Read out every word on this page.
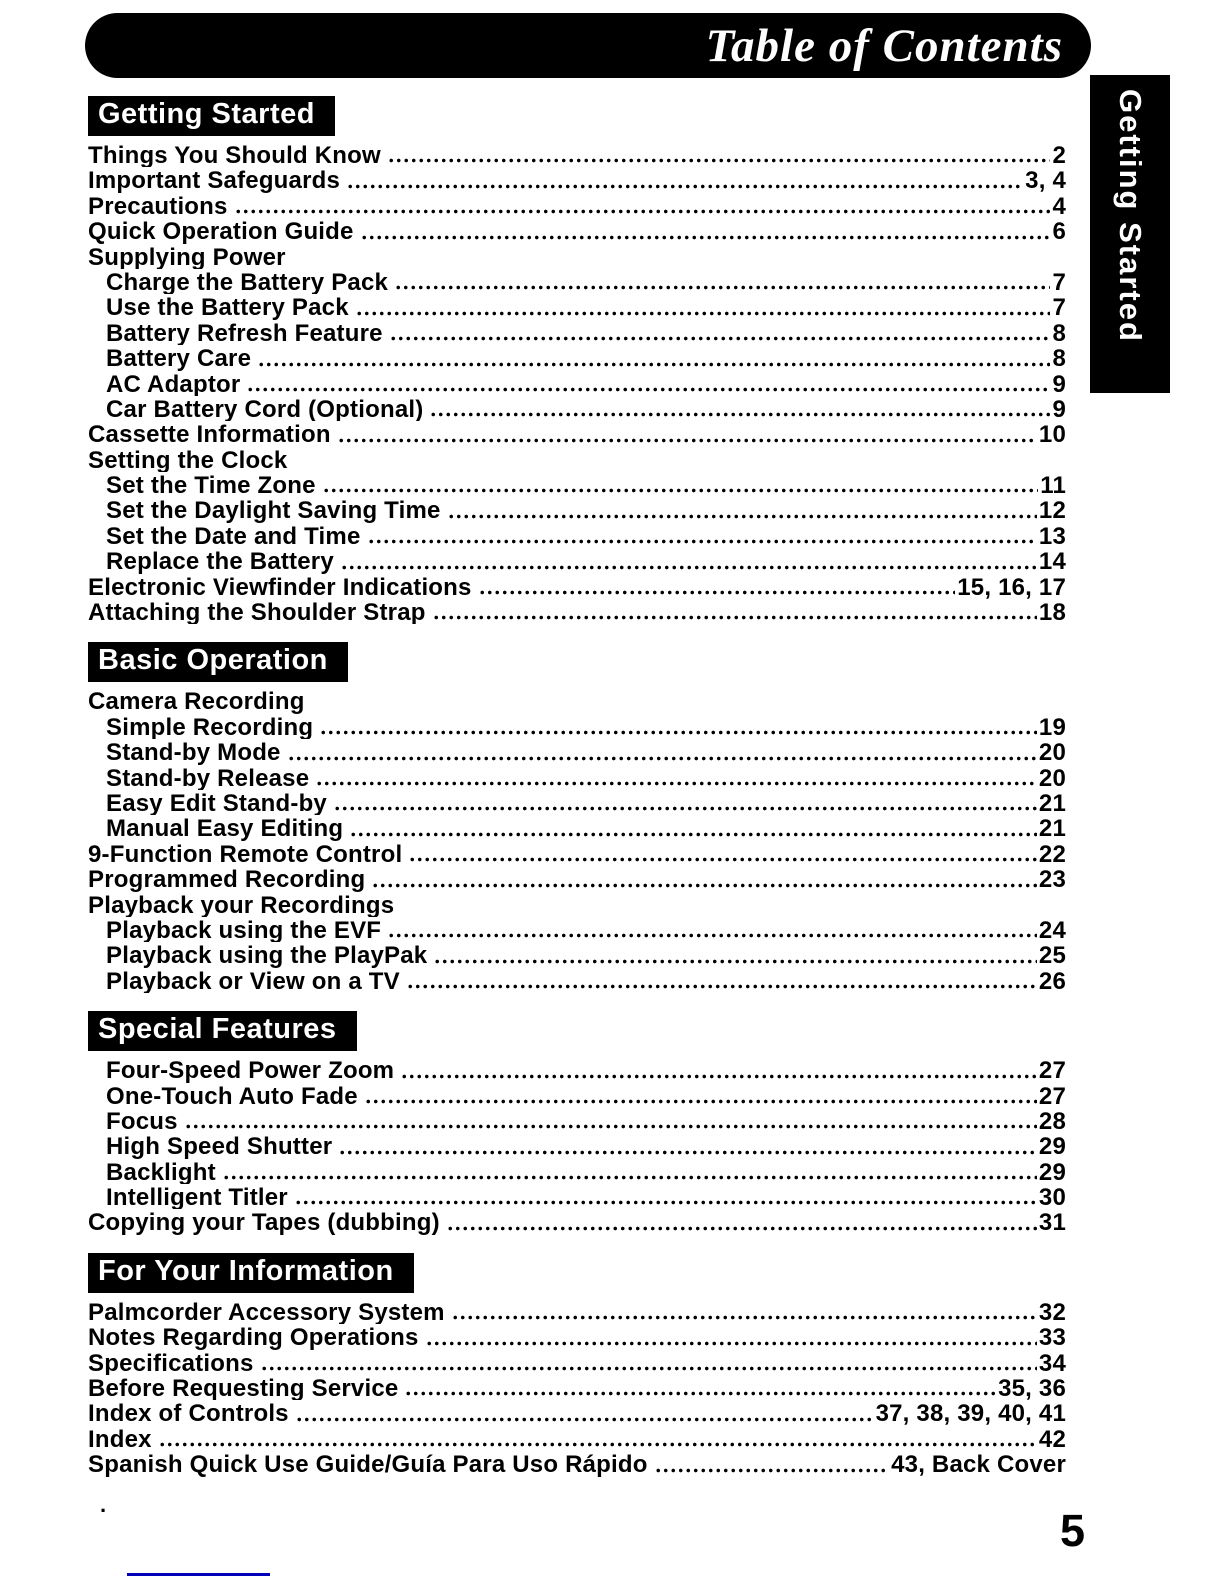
Table of Contents
Getting Started
Getting Started
Things You Should Know	2
Important Safeguards	3, 4
Precautions	4
Quick Operation Guide	6
Supplying Power
Charge the Battery Pack	7
Use the Battery Pack	7
Battery Refresh Feature	8
Battery Care	8
AC Adaptor	9
Car Battery Cord (Optional)	9
Cassette Information	10
Setting the Clock
Set the Time Zone	11
Set the Daylight Saving Time	12
Set the Date and Time	13
Replace the Battery	14
Electronic Viewfinder Indications	15, 16, 17
Attaching the Shoulder Strap	18
Basic Operation
Camera Recording
Simple Recording	19
Stand-by Mode	20
Stand-by Release	20
Easy Edit Stand-by	21
Manual Easy Editing	21
9-Function Remote Control	22
Programmed Recording	23
Playback your Recordings
Playback using the EVF	24
Playback using the PlayPak	25
Playback or View on a TV	26
Special Features
Four-Speed Power Zoom	27
One-Touch Auto Fade	27
Focus	28
High Speed Shutter	29
Backlight	29
Intelligent Titler	30
Copying your Tapes (dubbing)	31
For Your Information
Palmcorder Accessory System	32
Notes Regarding Operations	33
Specifications	34
Before Requesting Service	35, 36
Index of Controls	37, 38, 39, 40, 41
Index	42
Spanish Quick Use Guide/Guía Para Uso Rápido	43, Back Cover
.
5
